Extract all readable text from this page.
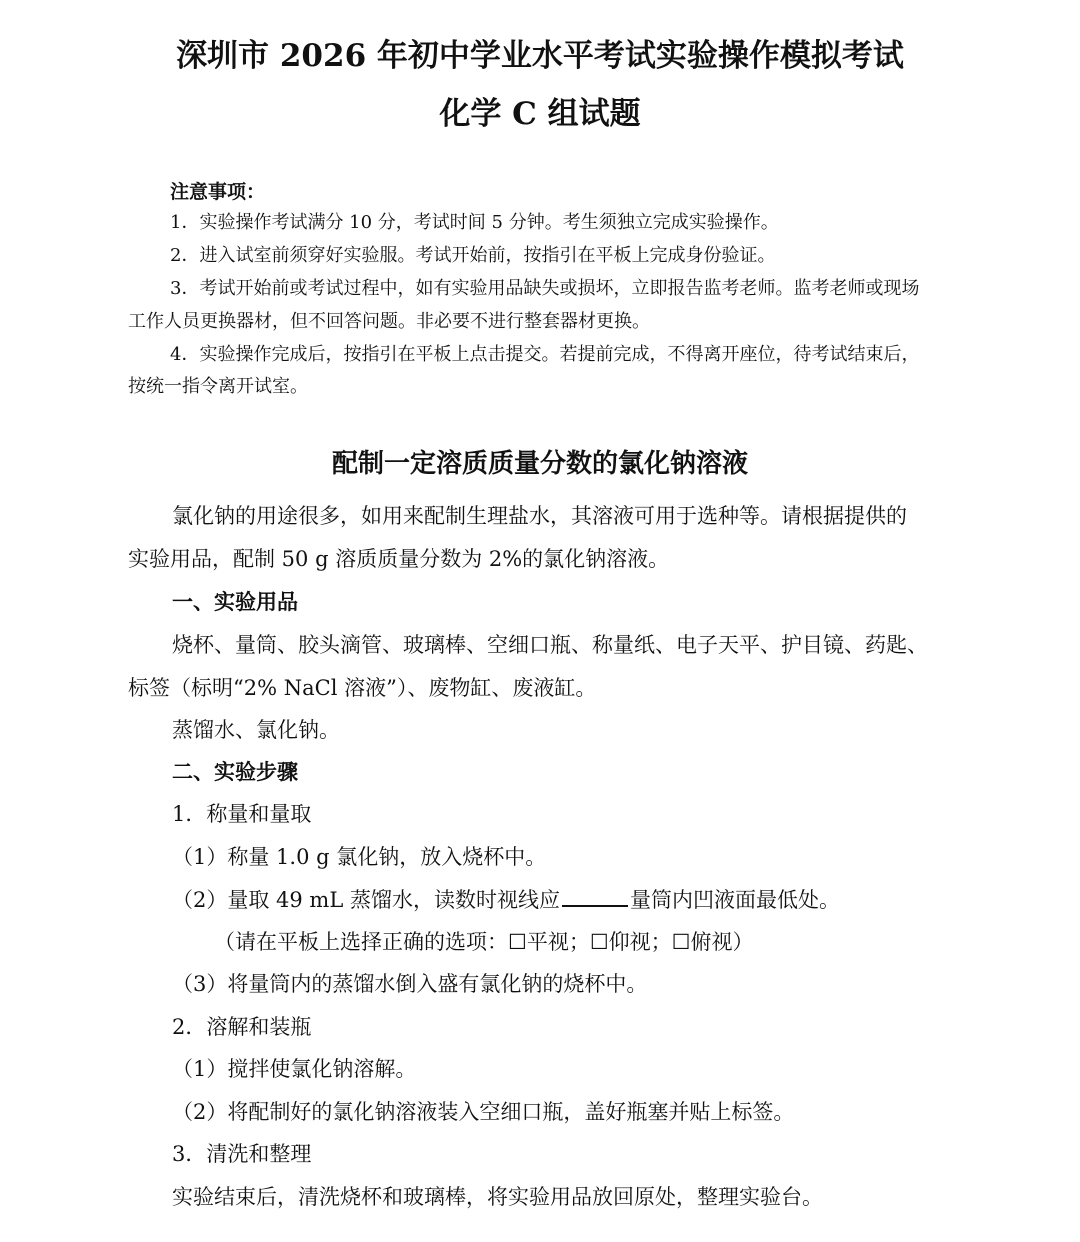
深圳市 2026 年初中学业水平考试实验操作模拟考试
化学 C 组试题
注意事项：
1．实验操作考试满分 10 分，考试时间 5 分钟。考生须独立完成实验操作。
2．进入试室前须穿好实验服。考试开始前，按指引在平板上完成身份验证。
3．考试开始前或考试过程中，如有实验用品缺失或损坏，立即报告监考老师。监考老师或现场
工作人员更换器材，但不回答问题。非必要不进行整套器材更换。
4．实验操作完成后，按指引在平板上点击提交。若提前完成，不得离开座位，待考试结束后，
按统一指令离开试室。
配制一定溶质质量分数的氯化钠溶液
氯化钠的用途很多，如用来配制生理盐水，其溶液可用于选种等。请根据提供的
实验用品，配制 50 g 溶质质量分数为 2%的氯化钠溶液。
一、实验用品
烧杯、量筒、胶头滴管、玻璃棒、空细口瓶、称量纸、电子天平、护目镜、药匙、
标签（标明“2% NaCl 溶液”）、废物缸、废液缸。
蒸馏水、氯化钠。
二、实验步骤
1．称量和量取
（1）称量 1.0 g 氯化钠，放入烧杯中。
（2）量取 49 mL 蒸馏水，读数时视线应	量筒内凹液面最低处。
（请在平板上选择正确的选项：☐平视；☐仰视；☐俯视）
（3）将量筒内的蒸馏水倒入盛有氯化钠的烧杯中。
2．溶解和装瓶
（1）搅拌使氯化钠溶解。
（2）将配制好的氯化钠溶液装入空细口瓶，盖好瓶塞并贴上标签。
3．清洗和整理
实验结束后，清洗烧杯和玻璃棒，将实验用品放回原处，整理实验台。
